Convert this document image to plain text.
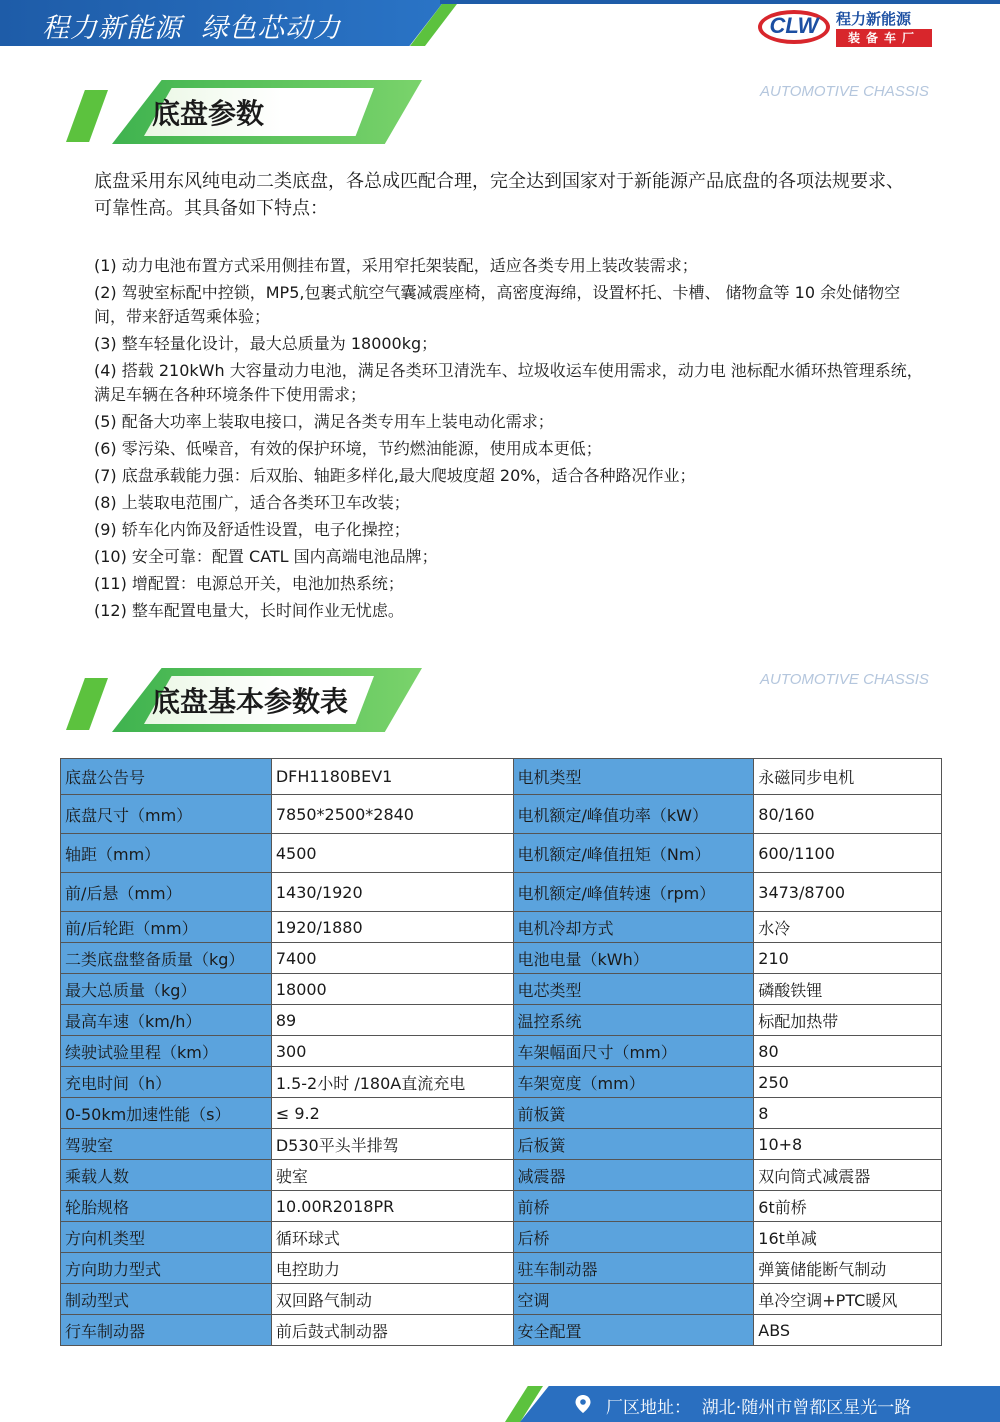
程力新能源  绿色芯动力	CLW	程力新能源
装备车厂
底盘参数
AUTOMOTIVE CHASSIS

底盘采用东风纯电动二类底盘，各总成匹配合理，完全达到国家对于新能源产品底盘的各项法规要求、

可靠性高。其具备如下特点：

(1) 动力电池布置方式采用侧挂布置，采用窄托架装配，适应各类专用上装改装需求；
(2) 驾驶室标配中控锁，MP5,包裹式航空气囊减震座椅，高密度海绵，设置杯托、卡槽、 储物盒等 10 余处储物空间，带来舒适驾乘体验；
(3) 整车轻量化设计，最大总质量为 18000kg；
(4) 搭载 210kWh 大容量动力电池，满足各类环卫清洗车、垃圾收运车使用需求，动力电 池标配水循环热管理系统，满足车辆在各种环境条件下使用需求；
(5) 配备大功率上装取电接口，满足各类专用车上装电动化需求；
(6) 零污染、低噪音，有效的保护环境，节约燃油能源，使用成本更低；
(7) 底盘承载能力强：后双胎、轴距多样化,最大爬坡度超 20%，适合各种路况作业；
(8) 上装取电范围广，适合各类环卫车改装；
(9) 轿车化内饰及舒适性设置，电子化操控；
(10) 安全可靠：配置 CATL 国内高端电池品牌；
(11) 增配置：电源总开关，电池加热系统；
(12) 整车配置电量大，长时间作业无忧虑。
底盘基本参数表
AUTOMOTIVE CHASSIS
底盘公告号	DFH1180BEV1	电机类型	永磁同步电机
底盘尺寸（mm）	7850*2500*2840	电机额定/峰值功率（kW）	80/160
轴距（mm）	4500	电机额定/峰值扭矩（Nm）	600/1100
前/后悬（mm）	1430/1920	电机额定/峰值转速（rpm）	3473/8700
前/后轮距（mm）	1920/1880	电机冷却方式	水冷
二类底盘整备质量（kg）	7400	电池电量（kWh）	210
最大总质量（kg）	18000	电芯类型	磷酸铁锂
最高车速（km/h）	89	温控系统	标配加热带
续驶试验里程（km）	300	车架幅面尺寸（mm）	80
充电时间（h）	1.5-2小时 /180A直流充电	车架宽度（mm）	250
0-50km加速性能（s）	≤ 9.2	前板簧	8
驾驶室	D530平头半排驾	后板簧	10+8
乘载人数	驶室	减震器	双向筒式减震器
轮胎规格	10.00R2018PR	前桥	6t前桥
方向机类型	循环球式	后桥	16t单减
方向助力型式	电控助力	驻车制动器	弹簧储能断气制动
制动型式	双回路气制动	空调	单冷空调+PTC暖风
行车制动器	前后鼓式制动器	安全配置	ABS
厂区地址：  湖北·随州市曾都区星光一路
